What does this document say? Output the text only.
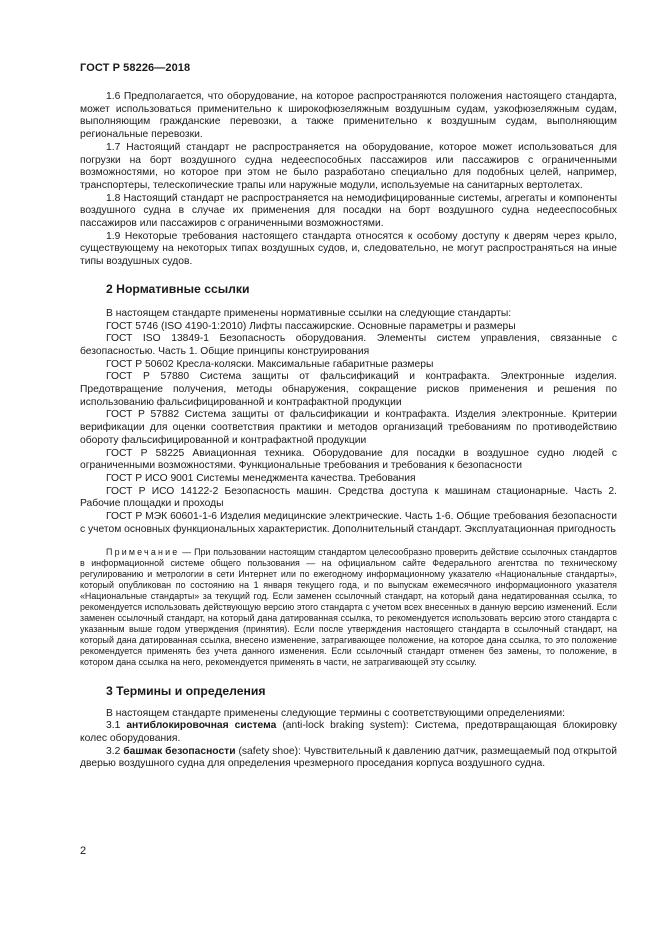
ГОСТ Р 58226—2018

1.6 Предполагается, что оборудование, на которое распространяются положения настоящего стандарта, может использоваться применительно к широкофюзеляжным воздушным судам, узкофюзеляжным судам, выполняющим гражданские перевозки, а также применительно к воздушным судам, выполняющим региональные перевозки.

1.7 Настоящий стандарт не распространяется на оборудование, которое может использоваться для погрузки на борт воздушного судна недееспособных пассажиров или пассажиров с ограниченными возможностями, но которое при этом не было разработано специально для подобных целей, например, транспортеры, телескопические трапы или наружные модули, используемые на санитарных вертолетах.

1.8 Настоящий стандарт не распространяется на немодифицированные системы, агрегаты и компоненты воздушного судна в случае их применения для посадки на борт воздушного судна недееспособных пассажиров или пассажиров с ограниченными возможностями.

1.9 Некоторые требования настоящего стандарта относятся к особому доступу к дверям через крыло, существующему на некоторых типах воздушных судов, и, следовательно, не могут распространяться на иные типы воздушных судов.

2 Нормативные ссылки

В настоящем стандарте применены нормативные ссылки на следующие стандарты:

ГОСТ 5746 (ISO 4190-1:2010) Лифты пассажирские. Основные параметры и размеры

ГОСТ ISO 13849-1 Безопасность оборудования. Элементы систем управления, связанные с безопасностью. Часть 1. Общие принципы конструирования

ГОСТ Р 50602 Кресла-коляски. Максимальные габаритные размеры

ГОСТ Р 57880 Система защиты от фальсификаций и контрафакта. Электронные изделия. Предотвращение получения, методы обнаружения, сокращение рисков применения и решения по использованию фальсифицированной и контрафактной продукции

ГОСТ Р 57882 Система защиты от фальсификации и контрафакта. Изделия электронные. Критерии верификации для оценки соответствия практики и методов организаций требованиям по противодействию обороту фальсифицированной и контрафактной продукции

ГОСТ Р 58225 Авиационная техника. Оборудование для посадки в воздушное судно людей с ограниченными возможностями. Функциональные требования и требования к безопасности

ГОСТ Р ИСО 9001 Системы менеджмента качества. Требования

ГОСТ Р ИСО 14122-2 Безопасность машин. Средства доступа к машинам стационарные. Часть 2. Рабочие площадки и проходы

ГОСТ Р МЭК 60601-1-6 Изделия медицинские электрические. Часть 1-6. Общие требования безопасности с учетом основных функциональных характеристик. Дополнительный стандарт. Эксплуатационная пригодность

Примечание — При пользовании настоящим стандартом целесообразно проверить действие ссылочных стандартов в информационной системе общего пользования — на официальном сайте Федерального агентства по техническому регулированию и метрологии в сети Интернет или по ежегодному информационному указателю «Национальные стандарты», который опубликован по состоянию на 1 января текущего года, и по выпускам ежемесячного информационного указателя «Национальные стандарты» за текущий год. Если заменен ссылочный стандарт, на который дана недатированная ссылка, то рекомендуется использовать действующую версию этого стандарта с учетом всех внесенных в данную версию изменений. Если заменен ссылочный стандарт, на который дана датированная ссылка, то рекомендуется использовать версию этого стандарта с указанным выше годом утверждения (принятия). Если после утверждения настоящего стандарта в ссылочный стандарт, на который дана датированная ссылка, внесено изменение, затрагивающее положение, на которое дана ссылка, то это положение рекомендуется применять без учета данного изменения. Если ссылочный стандарт отменен без замены, то положение, в котором дана ссылка на него, рекомендуется применять в части, не затрагивающей эту ссылку.

3 Термины и определения

В настоящем стандарте применены следующие термины с соответствующими определениями:

3.1 антиблокировочная система (anti-lock braking system): Система, предотвращающая блокировку колес оборудования.

3.2 башмак безопасности (safety shoe): Чувствительный к давлению датчик, размещаемый под открытой дверью воздушного судна для определения чрезмерного проседания корпуса воздушного судна.

2
